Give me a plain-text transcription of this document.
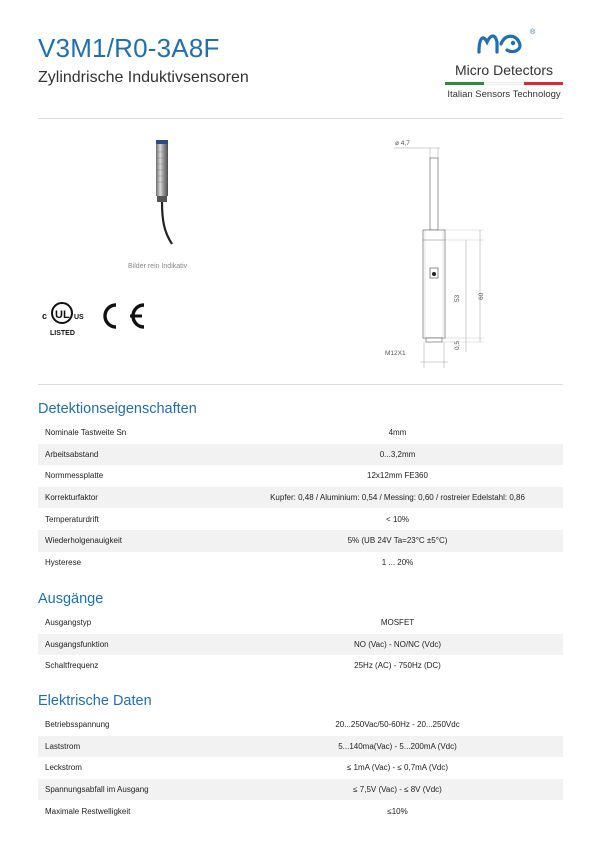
V3M1/R0-3A8F
Zylindrische Induktivsensoren
®
Micro Detectors
Italian Sensors Technology
Bilder rein Indikativ
UL
c	US
LISTED
ø 4,7
M12X1
53	60
0,5
Detektionseigenschaften
Nominale Tastweite Sn	4mm
Arbeitsabstand	0...3,2mm
Normmessplatte	12x12mm FE360
Korrekturfaktor	Kupfer: 0,48 / Aluminium: 0,54 / Messing: 0,60 / rostreier Edelstahl: 0,86
Temperaturdrift	< 10%
Wiederholgenauigkeit	5% (UB 24V Ta=23°C ±5°C)
Hysterese	1 ... 20%
Ausgänge
Ausgangstyp	MOSFET
Ausgangsfunktion	NO (Vac) - NO/NC (Vdc)
Schaltfrequenz	25Hz (AC) - 750Hz (DC)
Elektrische Daten
Betriebsspannung	20...250Vac/50-60Hz - 20...250Vdc
Laststrom	5...140ma(Vac) - 5...200mA (Vdc)
Leckstrom	≤ 1mA (Vac) - ≤ 0,7mA (Vdc)
Spannungsabfall im Ausgang	≤ 7,5V (Vac) - ≤ 8V (Vdc)
Maximale Restwelligkeit	≤10%
